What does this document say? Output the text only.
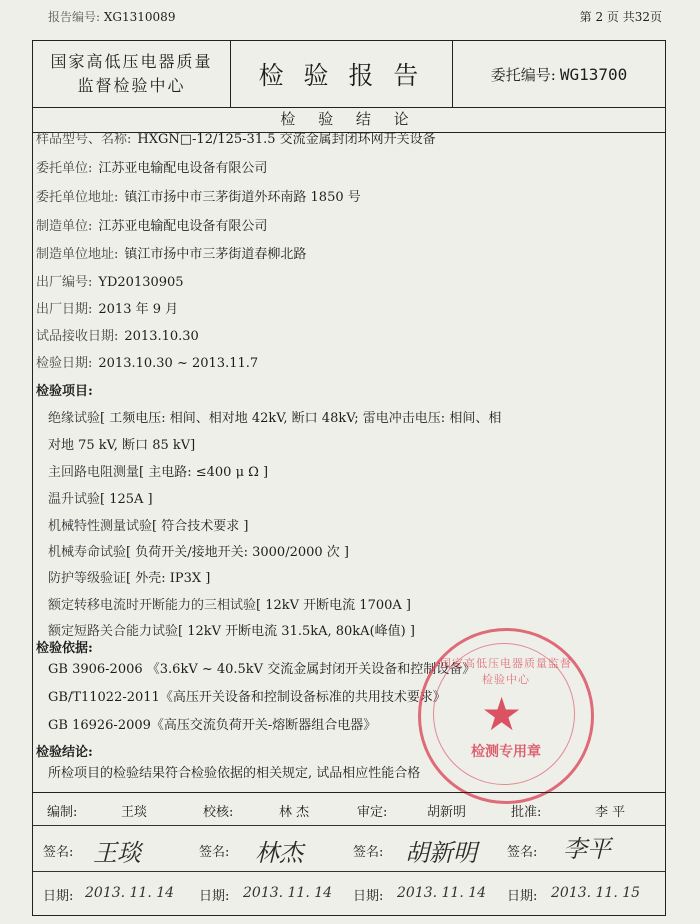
报告编号: XG1310089	第 2 页 共32页
国家高低压电器质量
监督检验中心	检 验 报 告	委托编号: WG13700
检 验 结 论
样品型号、名称: HXGN□-12/125-31.5 交流金属封闭环网开关设备
委托单位: 江苏亚电输配电设备有限公司
委托单位地址: 镇江市扬中市三茅街道外环南路 1850 号
制造单位: 江苏亚电输配电设备有限公司
制造单位地址: 镇江市扬中市三茅街道春柳北路
出厂编号: YD20130905
出厂日期: 2013 年 9 月
试品接收日期: 2013.10.30
检验日期: 2013.10.30 ~ 2013.11.7
检验项目:
绝缘试验[ 工频电压: 相间、相对地 42kV, 断口 48kV; 雷电冲击电压: 相间、相
对地 75 kV, 断口 85 kV]
主回路电阻测量[ 主电路: ≤400 μ Ω ]
温升试验[ 125A ]
机械特性测量试验[ 符合技术要求 ]
机械寿命试验[ 负荷开关/接地开关: 3000/2000 次 ]
防护等级验证[ 外壳: IP3X ]
额定转移电流时开断能力的三相试验[ 12kV 开断电流 1700A ]
额定短路关合能力试验[ 12kV 开断电流 31.5kA, 80kA(峰值) ]
检验依据:
GB 3906-2006 《3.6kV ~ 40.5kV 交流金属封闭开关设备和控制设备》
GB/T11022-2011《高压开关设备和控制设备标准的共用技术要求》
GB 16926-2009《高压交流负荷开关-熔断器组合电器》
检验结论:
所检项目的检验结果符合检验依据的相关规定, 试品相应性能合格
国家高低压电器质量监督检验中心
★
检测专用章
编制:	王琰	校核:	林 杰	审定:	胡新明	批准:	李 平
签名: 王琰	签名: 林杰	签名: 胡新明 签名: 李平
日期: 2013. 11. 14 日期: 2013. 11. 14 日期: 2013. 11. 14 日期: 2013. 11. 15
